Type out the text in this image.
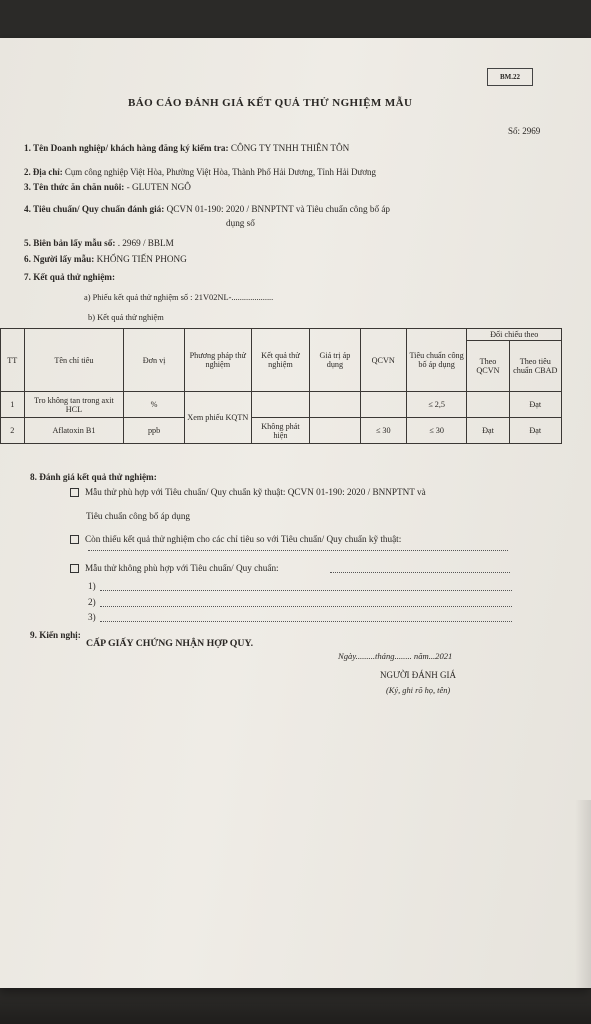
BM.22
BÁO CÁO ĐÁNH GIÁ KẾT QUẢ THỬ NGHIỆM MẪU
Số: 2969
1. Tên Doanh nghiệp/ khách hàng đăng ký kiểm tra: CÔNG TY TNHH THIÊN TÔN
2. Địa chỉ: Cụm công nghiệp Việt Hòa, Phường Việt Hòa, Thành Phố Hải Dương, Tỉnh Hải Dương
3. Tên thức ăn chăn nuôi: - GLUTEN NGÔ
4. Tiêu chuẩn/ Quy chuẩn đánh giá: QCVN 01-190: 2020 / BNNPTNT và Tiêu chuẩn công bố áp
dụng số
5. Biên bản lấy mẫu số: . 2969 / BBLM
6. Người lấy mẫu: KHỔNG TIẾN PHONG
7. Kết quả thử nghiệm:
a) Phiếu kết quả thử nghiệm số : 21V02NL-....................
b) Kết quả thử nghiệm
TT	Tên chỉ tiêu	Đơn vị	Phương pháp thử nghiệm	Kết quả thử nghiệm	Giá trị áp dụng	QCVN	Tiêu chuẩn công bố áp dụng	Đối chiếu theo	
								Theo QCVN	Theo tiêu chuẩn CBAD
1	Tro không tan trong axit HCL	%	Xem phiếu KQTN				≤ 2,5		Đạt
2	Aflatoxin B1	ppb		Không phát hiện		≤ 30	≤ 30	Đạt	Đạt
8. Đánh giá kết quả thử nghiệm:
Mẫu thử phù hợp với Tiêu chuẩn/ Quy chuẩn kỹ thuật: QCVN 01-190: 2020 / BNNPTNT và
Tiêu chuẩn công bố áp dụng
Còn thiếu kết quả thử nghiệm cho các chỉ tiêu so với Tiêu chuẩn/ Quy chuẩn kỹ thuật:
Mẫu thử không phù hợp với Tiêu chuẩn/ Quy chuẩn:
1)
2)
3)
9. Kiến nghị:
CẤP GIẤY CHỨNG NHẬN HỢP QUY.
Ngày.........tháng........ năm...2021
NGƯỜI ĐÁNH GIÁ
(Ký, ghi rõ họ, tên)
